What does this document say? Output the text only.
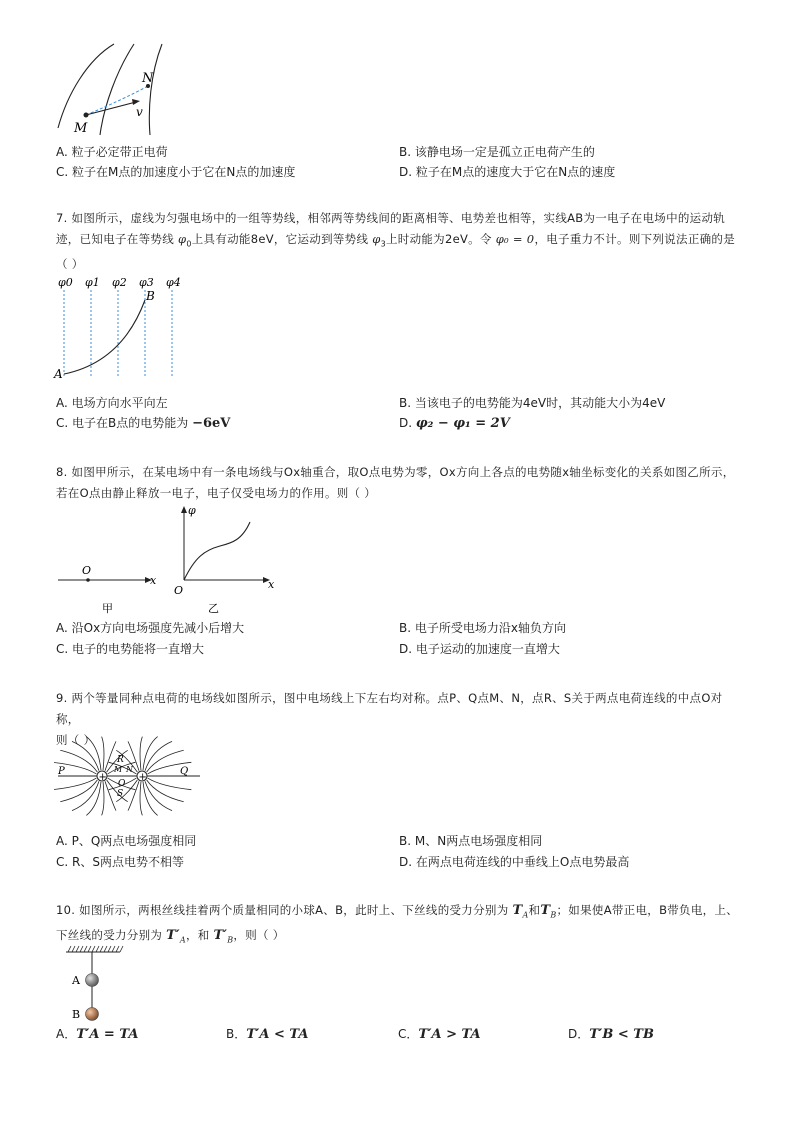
M
N
v
A. 粒子必定带正电荷	B. 该静电场一定是孤立正电荷产生的
C. 粒子在M点的加速度小于它在N点的加速度	D. 粒子在M点的速度大于它在N点的速度
7. 如图所示，虚线为匀强电场中的一组等势线，相邻两等势线间的距离相等、电势差也相等，实线AB为一电子在电场中的运动轨
迹，已知电子在等势线 $\varphi_0$上具有动能8eV，它运动到等势线 $\varphi_3$上时动能为2eV。令 φ₀ = 0，电子重力不计。则下列说法正确的是
（ ）
φ0 φ1 φ2 φ3 φ4
B
A
A. 电场方向水平向左	B. 当该电子的电势能为4eV时，其动能大小为4eV
C. 电子在B点的电势能为 −6eV	D. φ₂ − φ₁ = 2V
8. 如图甲所示，在某电场中有一条电场线与Ox轴重合，取O点电势为零，Ox方向上各点的电势随x轴坐标变化的关系如图乙所示，
若在O点由静止释放一电子，电子仅受电场力的作用。则（ ）
O
x
甲
φ
O	x
乙
A. 沿Ox方向电场强度先减小后增大	B. 电子所受电场力沿x轴负方向
C. 电子的电势能将一直增大	D. 电子运动的加速度一直增大
9. 两个等量同种点电荷的电场线如图所示，图中电场线上下左右均对称。点P、Q点M、N，点R、S关于两点电荷连线的中点O对称，
则（ ）
+	+
P	Q
R
M N
O
S
A. P、Q两点电场强度相同	B. M、N两点电场强度相同
C. R、S两点电势不相等	D. 在两点电荷连线的中垂线上O点电势最高
10. 如图所示，两根丝线挂着两个质量相同的小球A、B，此时上、下丝线的受力分别为 $T_A$和$T_B$；如果使A带正电，B带负电，上、
下丝线的受力分别为 $T'_A$，和 $T'_B$，则（ ）
A
B
A．T′A = TA	B．T′A < TA	C．T′A > TA	D．T′B < TB
